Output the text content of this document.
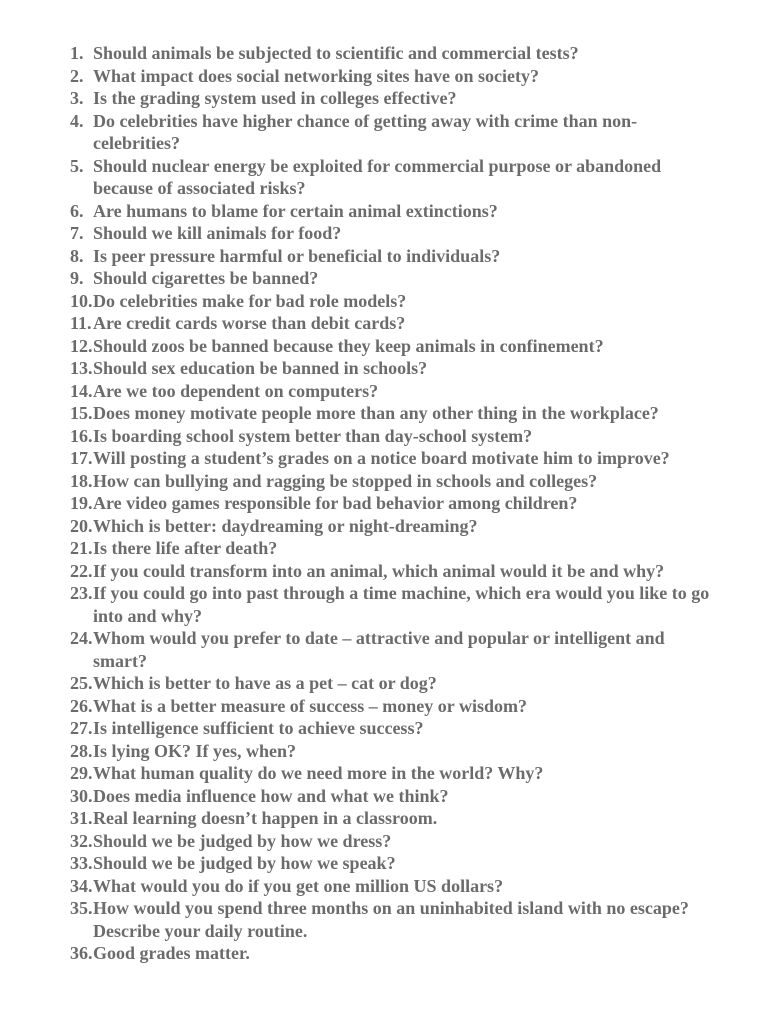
1. Should animals be subjected to scientific and commercial tests?
2. What impact does social networking sites have on society?
3. Is the grading system used in colleges effective?
4. Do celebrities have higher chance of getting away with crime than non-celebrities?
5. Should nuclear energy be exploited for commercial purpose or abandoned because of associated risks?
6. Are humans to blame for certain animal extinctions?
7. Should we kill animals for food?
8. Is peer pressure harmful or beneficial to individuals?
9. Should cigarettes be banned?
10. Do celebrities make for bad role models?
11. Are credit cards worse than debit cards?
12. Should zoos be banned because they keep animals in confinement?
13. Should sex education be banned in schools?
14. Are we too dependent on computers?
15. Does money motivate people more than any other thing in the workplace?
16. Is boarding school system better than day-school system?
17. Will posting a student’s grades on a notice board motivate him to improve?
18. How can bullying and ragging be stopped in schools and colleges?
19. Are video games responsible for bad behavior among children?
20. Which is better: daydreaming or night-dreaming?
21. Is there life after death?
22. If you could transform into an animal, which animal would it be and why?
23. If you could go into past through a time machine, which era would you like to go into and why?
24. Whom would you prefer to date – attractive and popular or intelligent and smart?
25. Which is better to have as a pet – cat or dog?
26. What is a better measure of success – money or wisdom?
27. Is intelligence sufficient to achieve success?
28. Is lying OK? If yes, when?
29. What human quality do we need more in the world? Why?
30. Does media influence how and what we think?
31. Real learning doesn’t happen in a classroom.
32. Should we be judged by how we dress?
33. Should we be judged by how we speak?
34. What would you do if you get one million US dollars?
35. How would you spend three months on an uninhabited island with no escape? Describe your daily routine.
36. Good grades matter.
